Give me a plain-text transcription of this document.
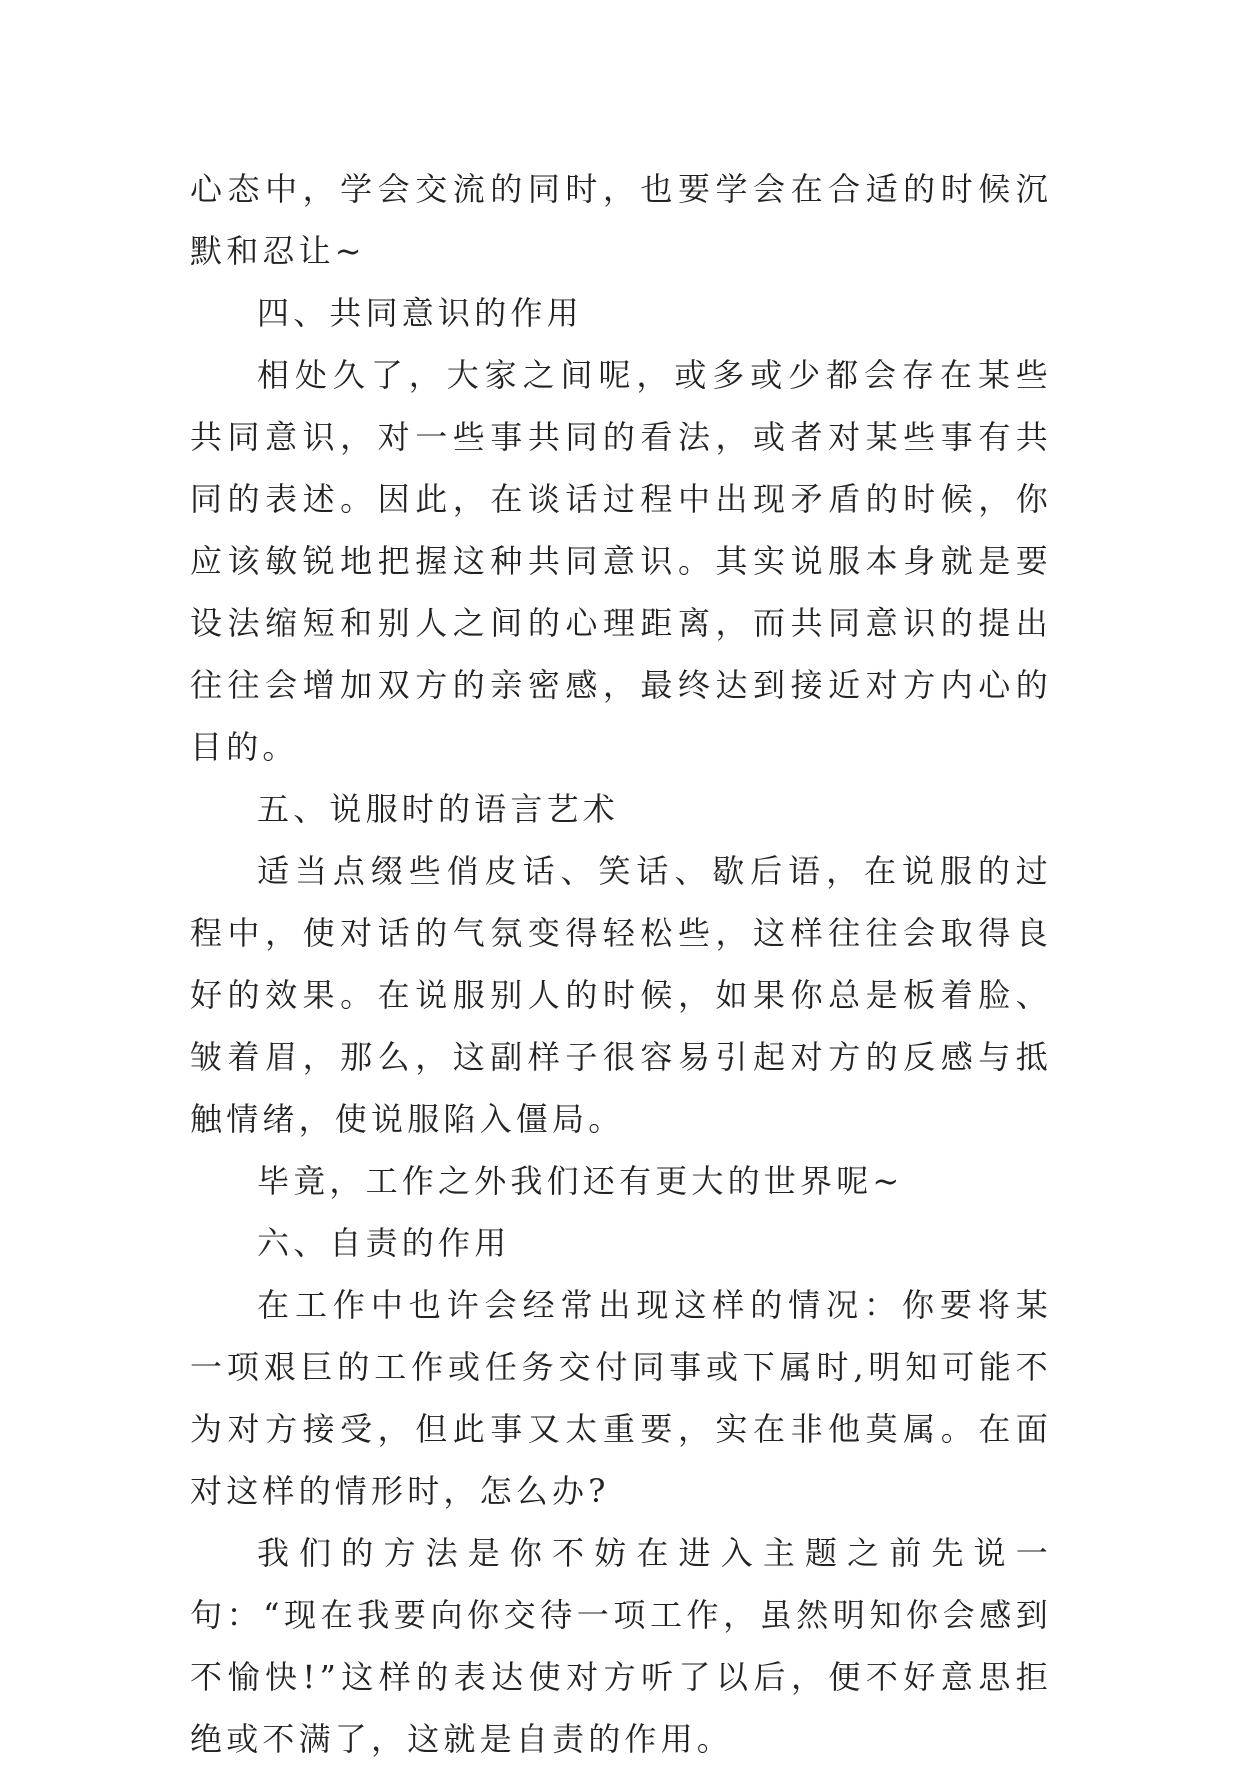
心态中，学会交流的同时，也要学会在合适的时候沉默和忍让~

四、共同意识的作用

相处久了，大家之间呢，或多或少都会存在某些共同意识，对一些事共同的看法，或者对某些事有共同的表述。因此，在谈话过程中出现矛盾的时候，你应该敏锐地把握这种共同意识。其实说服本身就是要设法缩短和别人之间的心理距离，而共同意识的提出往往会增加双方的亲密感，最终达到接近对方内心的目的。

五、说服时的语言艺术

适当点缀些俏皮话、笑话、歇后语，在说服的过程中，使对话的气氛变得轻松些，这样往往会取得良好的效果。在说服别人的时候，如果你总是板着脸、皱着眉，那么，这副样子很容易引起对方的反感与抵触情绪，使说服陷入僵局。

毕竟，工作之外我们还有更大的世界呢~

六、自责的作用

在工作中也许会经常出现这样的情况：你要将某一项艰巨的工作或任务交付同事或下属时,明知可能不为对方接受，但此事又太重要，实在非他莫属。在面对这样的情形时，怎么办?

我们的方法是你不妨在进入主题之前先说一句：“现在我要向你交待一项工作，虽然明知你会感到不愉快!”这样的表达使对方听了以后，便不好意思拒绝或不满了，这就是自责的作用。
